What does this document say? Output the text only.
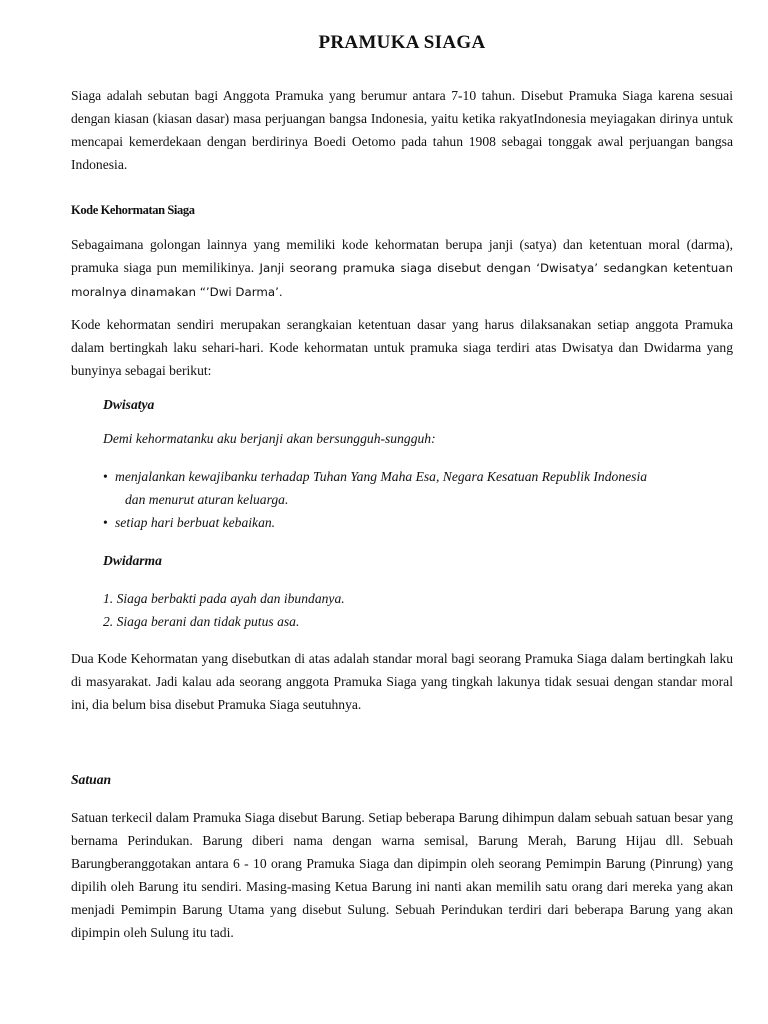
PRAMUKA SIAGA

Siaga adalah sebutan bagi Anggota Pramuka yang berumur antara 7-10 tahun. Disebut Pramuka Siaga karena sesuai dengan kiasan (kiasan dasar) masa perjuangan bangsa Indonesia, yaitu ketika rakyatIndonesia meyiagakan dirinya untuk mencapai kemerdekaan dengan berdirinya Boedi Oetomo pada tahun 1908 sebagai tonggak awal perjuangan bangsa Indonesia.

Kode Kehormatan Siaga

Sebagaimana golongan lainnya yang memiliki kode kehormatan berupa janji (satya) dan ketentuan moral (darma), pramuka siaga pun memilikinya. Janji seorang pramuka siaga disebut dengan ‘Dwisatya’ sedangkan ketentuan moralnya dinamakan “’Dwi Darma’.

Kode kehormatan sendiri merupakan serangkaian ketentuan dasar yang harus dilaksanakan setiap anggota Pramuka dalam bertingkah laku sehari-hari. Kode kehormatan untuk pramuka siaga terdiri atas Dwisatya dan Dwidarma yang bunyinya sebagai berikut:

Dwisatya

Demi kehormatanku aku berjanji akan bersungguh-sungguh:

• menjalankan kewajibanku terhadap Tuhan Yang Maha Esa, Negara Kesatuan Republik Indonesia
dan menurut aturan keluarga.
• setiap hari berbuat kebaikan.

Dwidarma

1. Siaga berbakti pada ayah dan ibundanya.
2. Siaga berani dan tidak putus asa.

Dua Kode Kehormatan yang disebutkan di atas adalah standar moral bagi seorang Pramuka Siaga dalam bertingkah laku di masyarakat. Jadi kalau ada seorang anggota Pramuka Siaga yang tingkah lakunya tidak sesuai dengan standar moral ini, dia belum bisa disebut Pramuka Siaga seutuhnya.

Satuan

Satuan terkecil dalam Pramuka Siaga disebut Barung. Setiap beberapa Barung dihimpun dalam sebuah satuan besar yang bernama Perindukan. Barung diberi nama dengan warna semisal, Barung Merah, Barung Hijau dll. Sebuah Barungberanggotakan antara 6 - 10 orang Pramuka Siaga dan dipimpin oleh seorang Pemimpin Barung (Pinrung) yang dipilih oleh Barung itu sendiri. Masing-masing Ketua Barung ini nanti akan memilih satu orang dari mereka yang akan menjadi Pemimpin Barung Utama yang disebut Sulung. Sebuah Perindukan terdiri dari beberapa Barung yang akan dipimpin oleh Sulung itu tadi.
